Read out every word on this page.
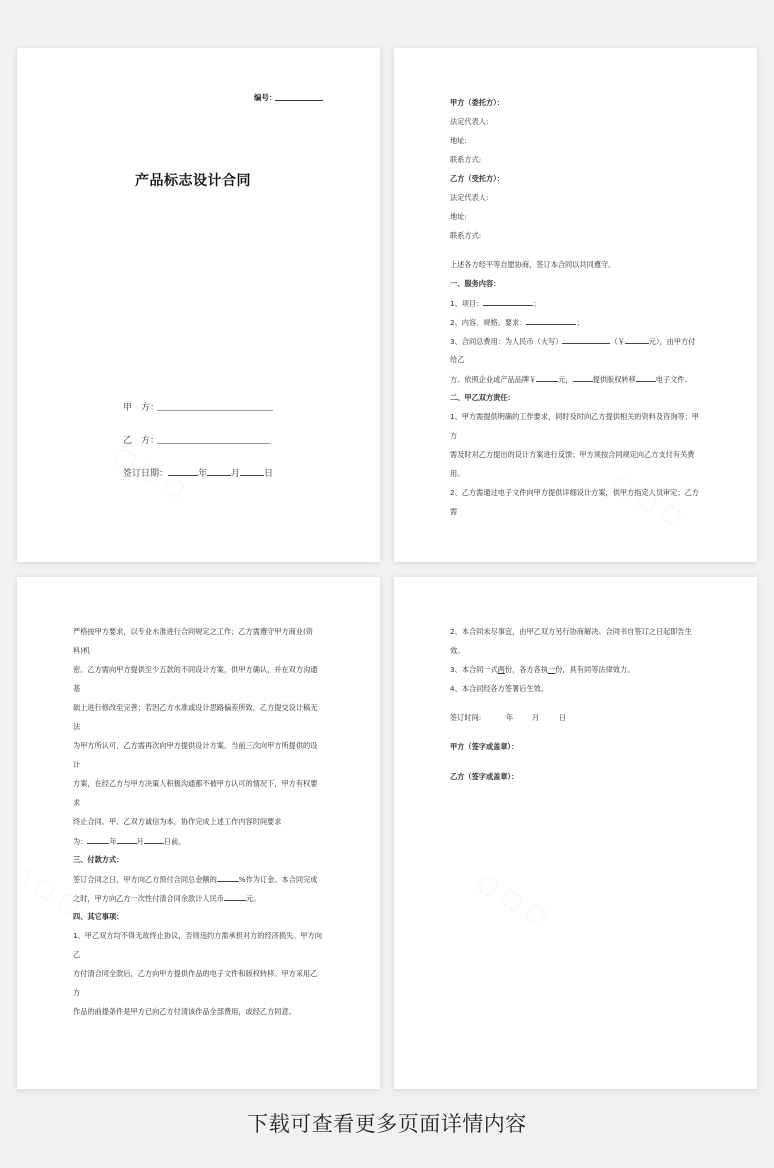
编号：
产品标志设计合同
甲　方：
乙　方：
签订日期：	年	月	日
甲方（委托方）：
法定代表人:
地址:
联系方式:
乙方（受托方）：
法定代表人:
地址:
联系方式:
上述各方经平等自愿协商，签订本合同以共同遵守。
一、服务内容：
1、项目：	；
2、内容、规格、要求：	；
3、合同总费用：为人民币（大写）	（￥	元），由甲方付
给乙
方。依照企业或产品品牌￥	元，	提供版权转移	电子文件。
二、甲乙双方责任：
1、甲方需提供明确的工作要求，同时及时向乙方提供相关的资料及咨询等；甲
方
需及时对乙方提出的设计方案进行反馈；甲方须按合同规定向乙方支付有关费
用。
2、乙方需通过电子文件向甲方提供详细设计方案，供甲方指定人员审定；乙方
需
严格按甲方要求，以专业水准进行合同规定之工作；乙方需遵守甲方商业(资
料)机
密。乙方需向甲方提供至少五款的不同设计方案，供甲方确认，并在双方沟通
基
础上进行修改至完善；若因乙方水准或设计思路偏差所致，乙方提交设计稿无
法
为甲方所认可，乙方需再次向甲方提供设计方案，当前三次向甲方所提供的设
计
方案，在经乙方与甲方决策人积极沟通都不被甲方认可的情况下，甲方有权要
求
终止合同。甲、乙双方诚信为本，协作完成上述工作内容时间要求
为：	年	月	日前。
三、付款方式：
签订合同之日，甲方向乙方预付合同总金额的	%作为订金。本合同完成
之时，甲方向乙方一次性付清合同余款计人民币	元。
四、其它事项：
1、甲乙双方均不得无故终止协议，否则违约方需承担对方的经济损失。甲方向
乙
方付清合同全款后，乙方向甲方提供作品的电子文件和版权转移。甲方采用乙
方
作品的前提条件是甲方已向乙方付清该作品全部费用，或经乙方同意。
2、本合同未尽事宜，由甲乙双方另行协商解决。合同书自签订之日起即告生
效。
3、本合同一式两份，各方各执一份，具有同等法律效力。
4、本合同经各方签署后生效。
签订时间:	年	月	日
甲方（签字或盖章）：
乙方（签字或盖章）：
下载可查看更多页面详情内容
